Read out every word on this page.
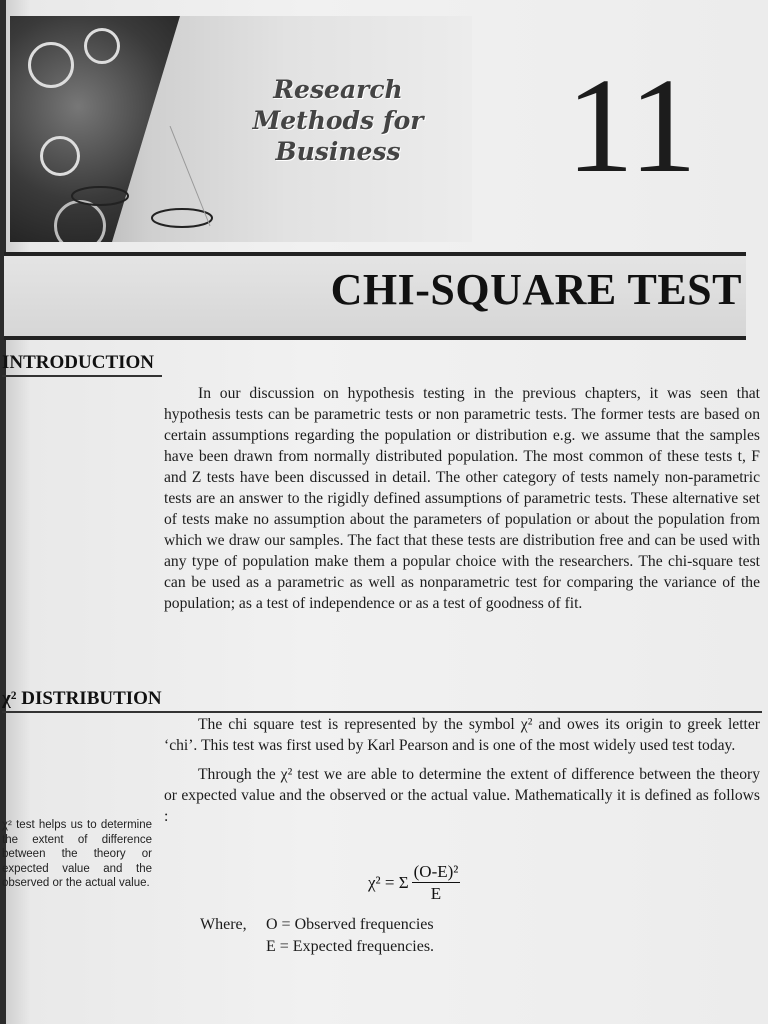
Research Methods for Business	11
CHI-SQUARE TEST
INTRODUCTION

In our discussion on hypothesis testing in the previous chapters, it was seen that hypothesis tests can be parametric tests or non parametric tests. The former tests are based on certain assumptions regarding the population or distribution e.g. we assume that the samples have been drawn from normally distributed population. The most common of these tests t, F and Z tests have been discussed in detail. The other category of tests namely non-parametric tests are an answer to the rigidly defined assumptions of parametric tests. These alternative set of tests make no assumption about the parameters of population or about the population from which we draw our samples. The fact that these tests are distribution free and can be used with any type of population make them a popular choice with the researchers. The chi-square test can be used as a parametric as well as nonparametric test for comparing the variance of the population; as a test of independence or as a test of goodness of fit.

χ² DISTRIBUTION

The chi square test is represented by the symbol χ² and owes its origin to greek letter ‘chi’. This test was first used by Karl Pearson and is one of the most widely used test today.

Through the χ² test we are able to determine the extent of difference between the theory or expected value and the observed or the actual value. Mathematically it is defined as follows :

χ² test helps us to determine the extent of difference between the theory or expected value and the observed or the actual value.	χ² = Σ $\frac{\text{(O-E)²}}{E}$
Where,	O = Observed frequencies
E = Expected frequencies.
